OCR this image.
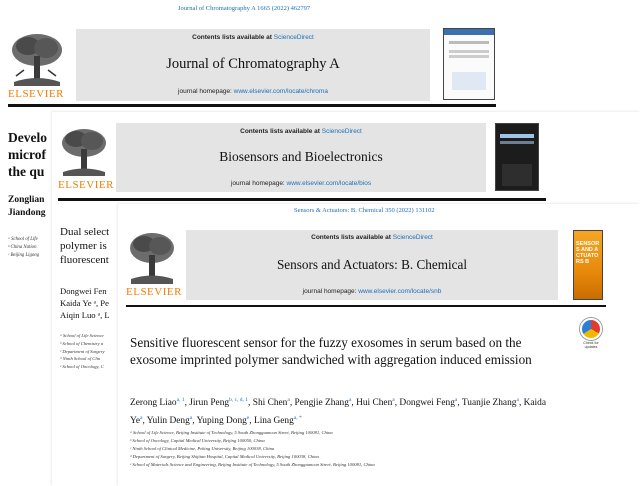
Journal of Chromatography A 1665 (2022) 462797
ELSEVIER
Contents lists available at ScienceDirect
Journal of Chromatography A
journal homepage: www.elsevier.com/locate/chroma
Develo
microf
the qu
Zonglian
Jiandong
ᵃ School of Life
ᵇ China Nation
ᶜ Beijing Ligong
ELSEVIER
Contents lists available at ScienceDirect
Biosensors and Bioelectronics
journal homepage: www.elsevier.com/locate/bios
Dual select
polymer is
fluorescent
Dongwei Fen
Kaida Ye ᵃ, Pe
Aiqin Luo ᵃ, L
ᵃ School of Life Science
ᵇ School of Chemistry a
ᶜ Department of Surgery
ᵈ Ninth School of Clin
ᵉ School of Oncology, C
Sensors & Actuators: B. Chemical 350 (2022) 131102
ELSEVIER
Contents lists available at ScienceDirect
Sensors and Actuators: B. Chemical
journal homepage: www.elsevier.com/locate/snb
SENSORS AND ACTUATORS B
Check for updates
Sensitive fluorescent sensor for the fuzzy exosomes in serum based on the exosome imprinted polymer sandwiched with aggregation induced emission
Zerong Liao$^{a, 1}$, Jirun Peng$^{b, c, d, 1}$, Shi Chen$^a$, Pengjie Zhang$^a$, Hui Chen$^a$, Dongwei Feng$^a$, Tuanjie Zhang$^a$, Kaida Ye$^a$, Yulin Deng$^a$, Yuping Dong$^e$, Lina Geng$^{a, *}$
ᵃ School of Life Science, Beijing Institute of Technology, 5 South Zhongguancun Street, Beijing 100081, China
ᵇ School of Oncology, Capital Medical University, Beijing 100050, China
ᶜ Ninth School of Clinical Medicine, Peking University, Beijing 100038, China
ᵈ Department of Surgery, Beijing Shijitan Hospital, Capital Medical University, Beijing 100038, China
ᵉ School of Materials Science and Engineering, Beijing Institute of Technology, 5 South Zhongguancun Street, Beijing 100081, China
